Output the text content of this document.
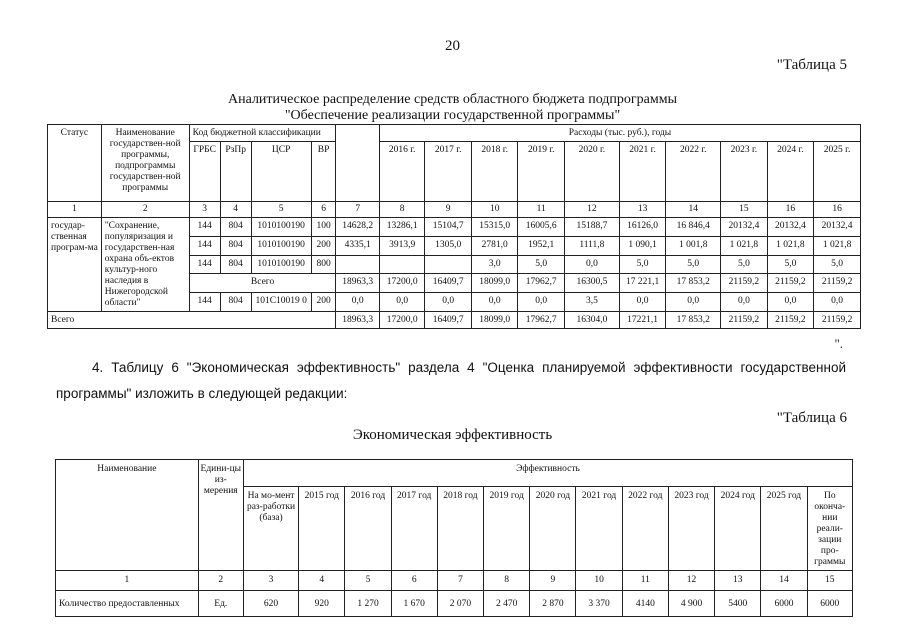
20
"Таблица 5
Аналитическое распределение средств областного бюджета подпрограммы
"Обеспечение реализации государственной программы"
Статус	Наименование государствен-ной программы, подпрограммы государствен-ной программы	Код бюджетной классификации					Расходы (тыс. руб.), годы									
		ГРБС	РзПр	ЦСР	ВР		2016 г.	2017 г.	2018 г.	2019 г.	2020 г.	2021 г.	2022 г.	2023 г.	2024 г.	2025 г.
1	2	3	4	5	6	7	8	9	10	11	12	13	14	15	16	16
государ-ственная програм-ма	"Сохранение, популяризация и государствен-ная охрана объ-ектов культур-ного наследия в Нижегородской области"	144	804	1010100190	100	14628,2	13286,1	15104,7	15315,0	16005,6	15188,7	16126,0	16 846,4	20132,4	20132,4	20132,4
		144	804	1010100190	200	4335,1	3913,9	1305,0	2781,0	1952,1	1111,8	1 090,1	1 001,8	1 021,8	1 021,8	1 021,8
		144	804	1010100190	800				3,0	5,0	0,0	5,0	5,0	5,0	5,0	5,0
		Всего				18963,3	17200,0	16409,7	18099,0	17962,7	16300,5	17 221,1	17 853,2	21159,2	21159,2	21159,2
		144	804	101С10019 0	200	0,0	0,0	0,0	0,0	0,0	3,5	0,0	0,0	0,0	0,0	0,0
Всего						18963,3	17200,0	16409,7	18099,0	17962,7	16304,0	17221,1	17 853,2	21159,2	21159,2	21159,2
".
4. Таблицу 6 "Экономическая эффективность" раздела 4 "Оценка планируемой эффективности государственной программы" изложить в следующей редакции:
"Таблица 6
Экономическая эффективность
Наименование	Едини-цы из-мерения	Эффективность												
		На мо-мент раз-работки (база)	2015 год	2016 год	2017 год	2018 год	2019 год	2020 год	2021 год	2022 год	2023 год	2024 год	2025 год	По оконча-нии реали-зации про-граммы
1	2	3	4	5	6	7	8	9	10	11	12	13	14	15
Количество предоставленных	Ед.	620	920	1 270	1 670	2 070	2 470	2 870	3 370	4140	4 900	5400	6000	6000
